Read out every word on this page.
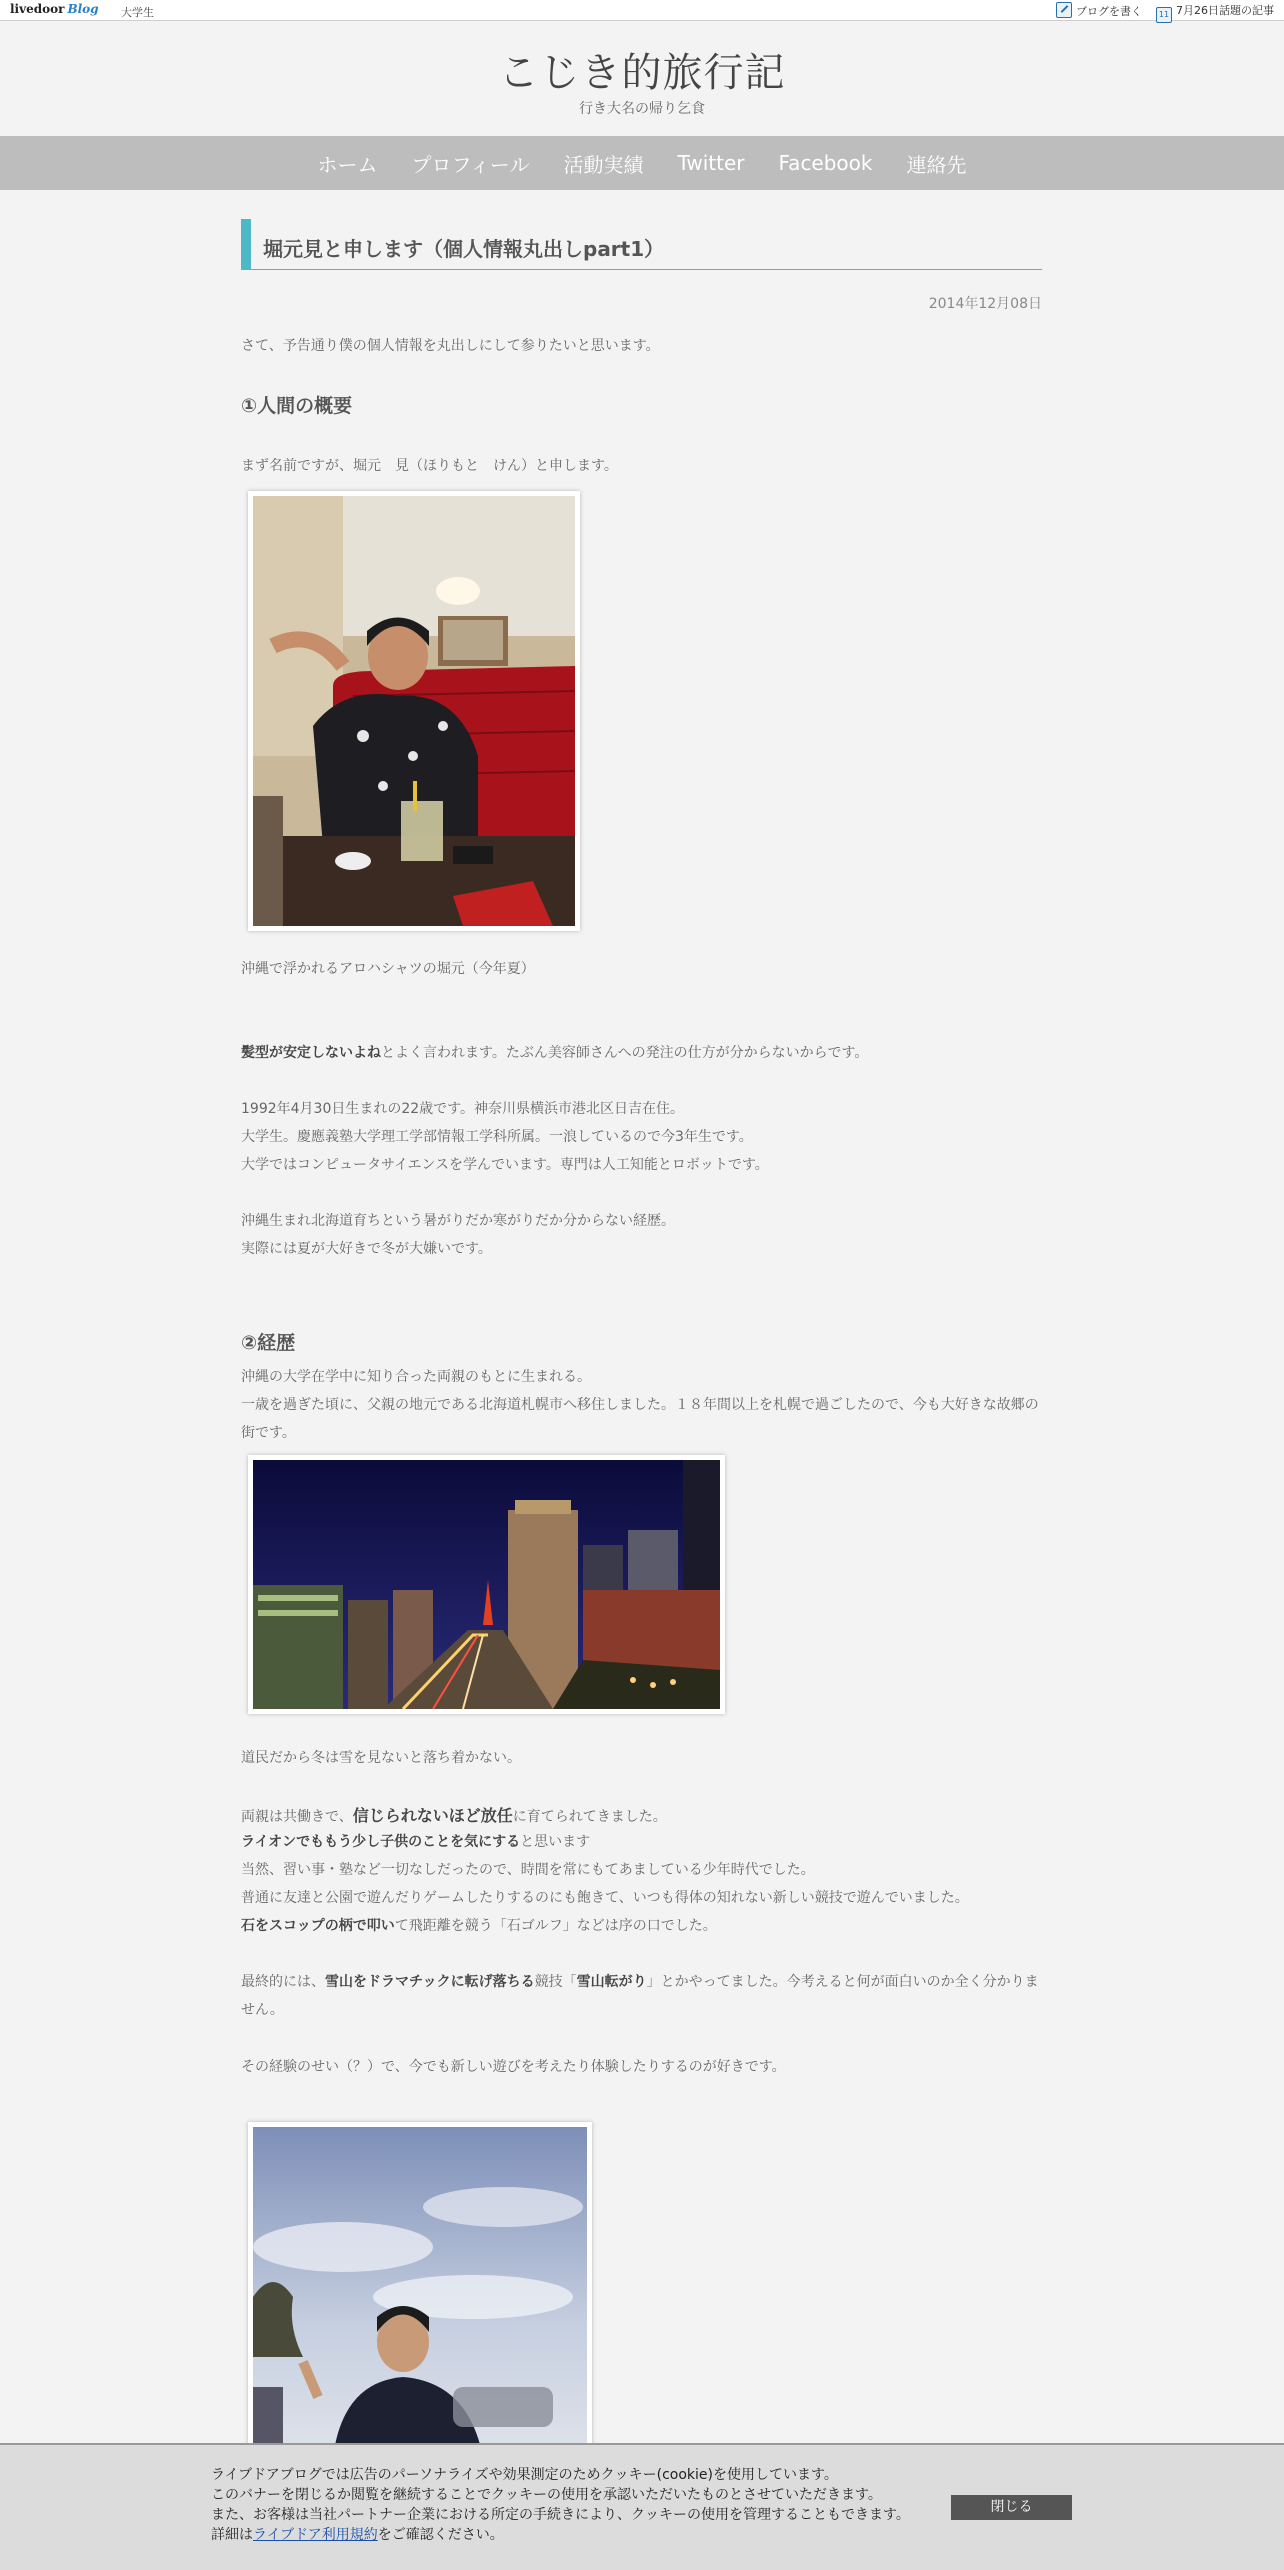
livedoor Blog 大学生	ブログを書く	11 7月26日話題の記事
こじき的旅行記
行き大名の帰り乞食
ホーム プロフィール 活動実績 Twitter Facebook 連絡先
堀元見と申します（個人情報丸出しpart1）
2014年12月08日
さて、予告通り僕の個人情報を丸出しにして参りたいと思います。
①人間の概要
まず名前ですが、堀元　見（ほりもと　けん）と申します。
沖縄で浮かれるアロハシャツの堀元（今年夏）
髪型が安定しないよねとよく言われます。たぶん美容師さんへの発注の仕方が分からないからです。
1992年4月30日生まれの22歳です。神奈川県横浜市港北区日吉在住。
大学生。慶應義塾大学理工学部情報工学科所属。一浪しているので今3年生です。
大学ではコンピュータサイエンスを学んでいます。専門は人工知能とロボットです。
沖縄生まれ北海道育ちという暑がりだか寒がりだか分からない経歴。
実際には夏が大好きで冬が大嫌いです。
②経歴
沖縄の大学在学中に知り合った両親のもとに生まれる。
一歳を過ぎた頃に、父親の地元である北海道札幌市へ移住しました。１８年間以上を札幌で過ごしたので、今も大好きな故郷の
街です。
道民だから冬は雪を見ないと落ち着かない。
両親は共働きで、信じられないほど放任に育てられてきました。
ライオンでももう少し子供のことを気にすると思います
当然、習い事・塾など一切なしだったので、時間を常にもてあましている少年時代でした。
普通に友達と公園で遊んだりゲームしたりするのにも飽きて、いつも得体の知れない新しい競技で遊んでいました。
石をスコップの柄で叩いて飛距離を競う「石ゴルフ」などは序の口でした。
最終的には、雪山をドラマチックに転げ落ちる競技「雪山転がり」とかやってました。今考えると何が面白いのか全く分かりま
せん。
その経験のせい（？）で、今でも新しい遊びを考えたり体験したりするのが好きです。
ライブドアブログでは広告のパーソナライズや効果測定のためクッキー(cookie)を使用しています。
このバナーを閉じるか閲覧を継続することでクッキーの使用を承認いただいたものとさせていただきます。
また、お客様は当社パートナー企業における所定の手続きにより、クッキーの使用を管理することもできます。
詳細はライブドア利用規約をご確認ください。
閉じる
